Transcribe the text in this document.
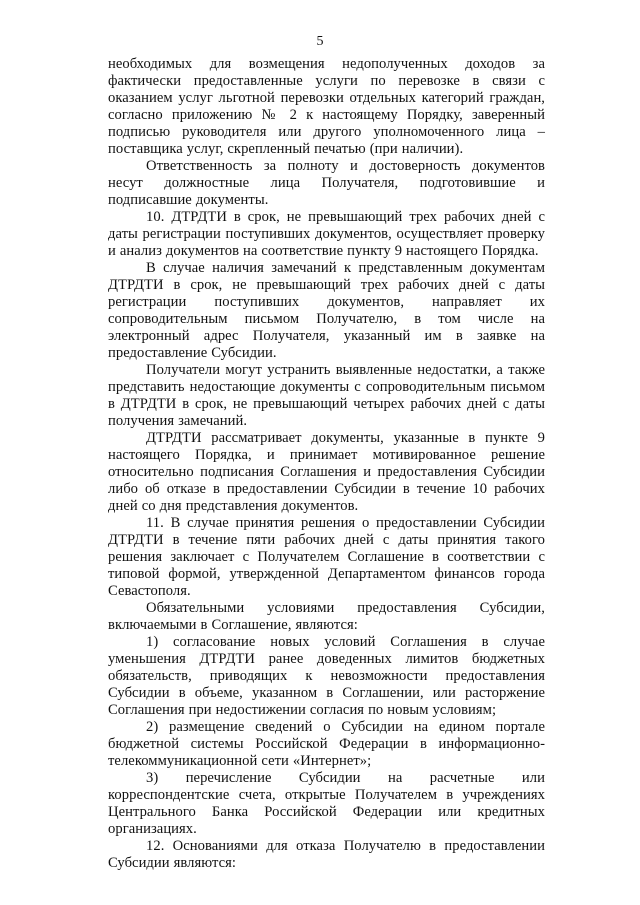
5

необходимых для возмещения недополученных доходов за фактически предоставленные услуги по перевозке в связи с оказанием услуг льготной перевозки отдельных категорий граждан, согласно приложению № 2 к настоящему Порядку, заверенный подписью руководителя или другого уполномоченного лица – поставщика услуг, скрепленный печатью (при наличии).

Ответственность за полноту и достоверность документов несут должностные лица Получателя, подготовившие и подписавшие документы.

10. ДТРДТИ в срок, не превышающий трех рабочих дней с даты регистрации поступивших документов, осуществляет проверку и анализ документов на соответствие пункту 9 настоящего Порядка.

В случае наличия замечаний к представленным документам ДТРДТИ в срок, не превышающий трех рабочих дней с даты регистрации поступивших документов, направляет их сопроводительным письмом Получателю, в том числе на электронный адрес Получателя, указанный им в заявке на предоставление Субсидии.

Получатели могут устранить выявленные недостатки, а также представить недостающие документы с сопроводительным письмом в ДТРДТИ в срок, не превышающий четырех рабочих дней с даты получения замечаний.

ДТРДТИ рассматривает документы, указанные в пункте 9 настоящего Порядка, и принимает мотивированное решение относительно подписания Соглашения и предоставления Субсидии либо об отказе в предоставлении Субсидии в течение 10 рабочих дней со дня представления документов.

11. В случае принятия решения о предоставлении Субсидии ДТРДТИ в течение пяти рабочих дней с даты принятия такого решения заключает с Получателем Соглашение в соответствии с типовой формой, утвержденной Департаментом финансов города Севастополя.

Обязательными условиями предоставления Субсидии, включаемыми в Соглашение, являются:

1) согласование новых условий Соглашения в случае уменьшения ДТРДТИ ранее доведенных лимитов бюджетных обязательств, приводящих к невозможности предоставления Субсидии в объеме, указанном в Соглашении, или расторжение Соглашения при недостижении согласия по новым условиям;

2) размещение сведений о Субсидии на едином портале бюджетной системы Российской Федерации в информационно-телекоммуникационной сети «Интернет»;

3) перечисление Субсидии на расчетные или корреспондентские счета, открытые Получателем в учреждениях Центрального Банка Российской Федерации или кредитных организациях.

12. Основаниями для отказа Получателю в предоставлении Субсидии являются:
